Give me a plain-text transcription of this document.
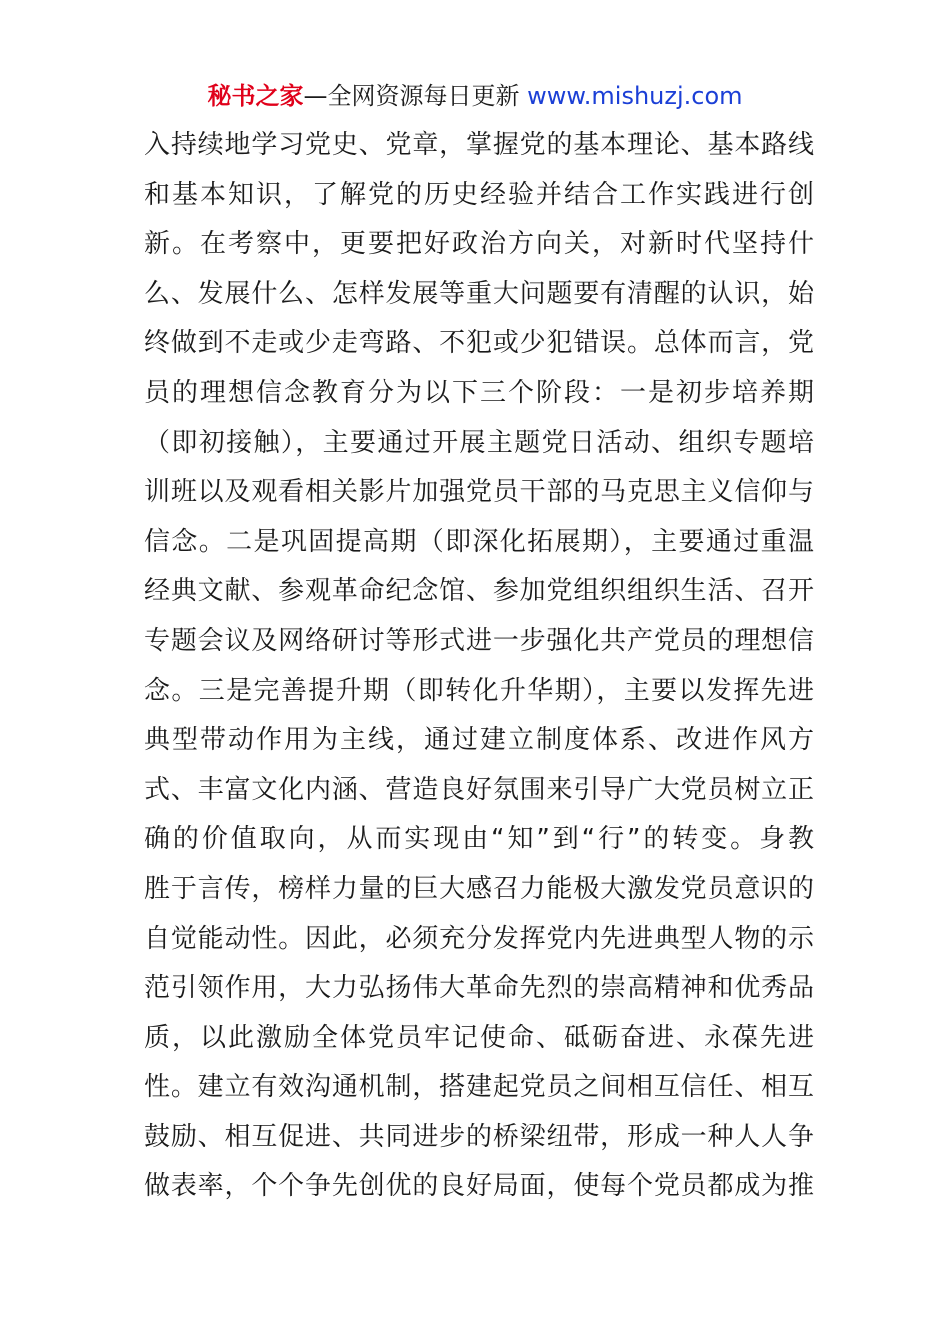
秘书之家—全网资源每日更新 www.mishuzj.com
入持续地学习党史、党章，掌握党的基本理论、基本路线
和基本知识，了解党的历史经验并结合工作实践进行创
新。在考察中，更要把好政治方向关，对新时代坚持什
么、发展什么、怎样发展等重大问题要有清醒的认识，始
终做到不走或少走弯路、不犯或少犯错误。总体而言，党
员的理想信念教育分为以下三个阶段：一是初步培养期
（即初接触），主要通过开展主题党日活动、组织专题培
训班以及观看相关影片加强党员干部的马克思主义信仰与
信念。二是巩固提高期（即深化拓展期），主要通过重温
经典文献、参观革命纪念馆、参加党组织组织生活、召开
专题会议及网络研讨等形式进一步强化共产党员的理想信
念。三是完善提升期（即转化升华期），主要以发挥先进
典型带动作用为主线，通过建立制度体系、改进作风方
式、丰富文化内涵、营造良好氛围来引导广大党员树立正
确的价值取向，从而实现由“知”到“行”的转变。身教
胜于言传，榜样力量的巨大感召力能极大激发党员意识的
自觉能动性。因此，必须充分发挥党内先进典型人物的示
范引领作用，大力弘扬伟大革命先烈的崇高精神和优秀品
质，以此激励全体党员牢记使命、砥砺奋进、永葆先进
性。建立有效沟通机制，搭建起党员之间相互信任、相互
鼓励、相互促进、共同进步的桥梁纽带，形成一种人人争
做表率，个个争先创优的良好局面，使每个党员都成为推
